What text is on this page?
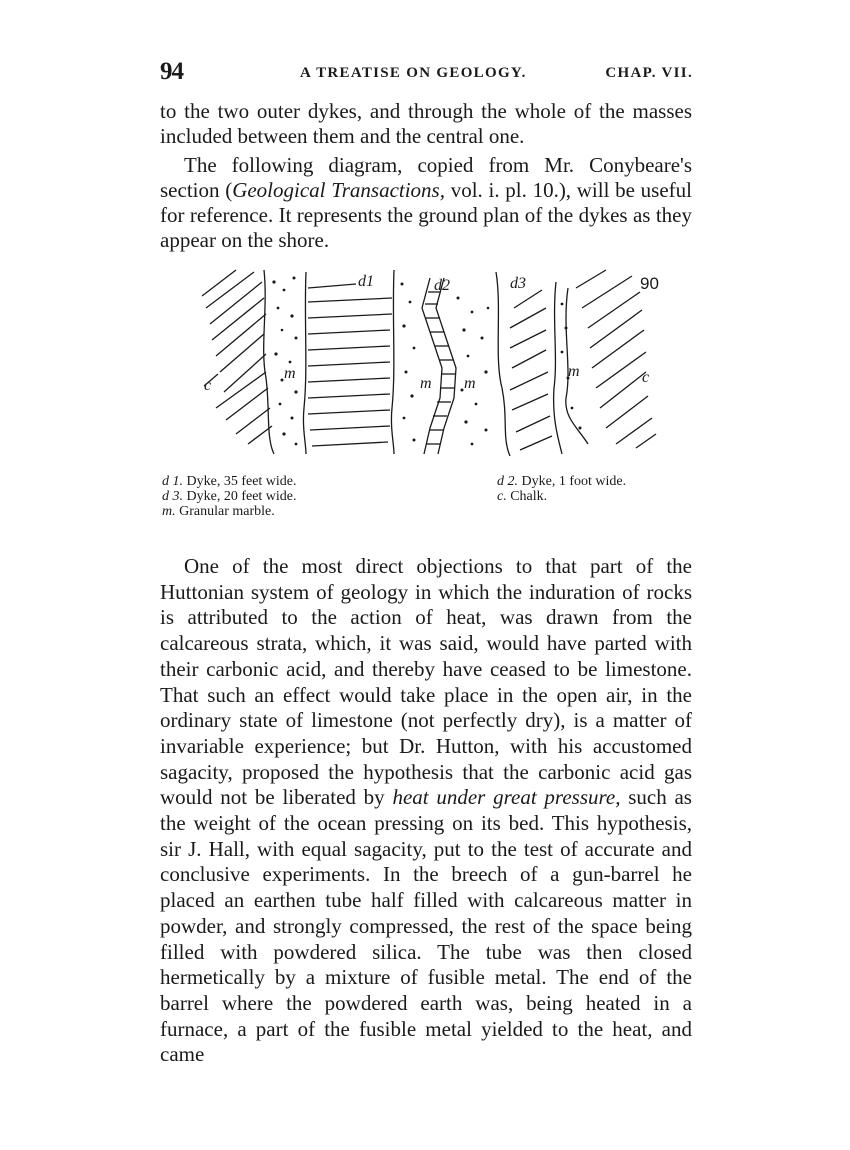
94	A TREATISE ON GEOLOGY.	CHAP. VII.

to the two outer dykes, and through the whole of the masses included between them and the central one.

The following diagram, copied from Mr. Conybeare's section (Geological Transactions, vol. i. pl. 10.), will be useful for reference. It represents the ground plan of the dykes as they appear on the shore.

90
d1	d2	d3
m
m m
m
c	c
d 1. Dyke, 35 feet wide.
d 3. Dyke, 20 feet wide.
m. Granular marble.
d 2. Dyke, 1 foot wide.
c. Chalk.

One of the most direct objections to that part of the Huttonian system of geology in which the induration of rocks is attributed to the action of heat, was drawn from the calcareous strata, which, it was said, would have parted with their carbonic acid, and thereby have ceased to be limestone. That such an effect would take place in the open air, in the ordinary state of limestone (not perfectly dry), is a matter of invariable experience; but Dr. Hutton, with his accustomed sagacity, proposed the hypothesis that the carbonic acid gas would not be liberated by heat under great pressure, such as the weight of the ocean pressing on its bed. This hypothesis, sir J. Hall, with equal sagacity, put to the test of accurate and conclusive experiments. In the breech of a gun-barrel he placed an earthen tube half filled with calcareous matter in powder, and strongly compressed, the rest of the space being filled with powdered silica. The tube was then closed hermetically by a mixture of fusible metal. The end of the barrel where the powdered earth was, being heated in a furnace, a part of the fusible metal yielded to the heat, and came
